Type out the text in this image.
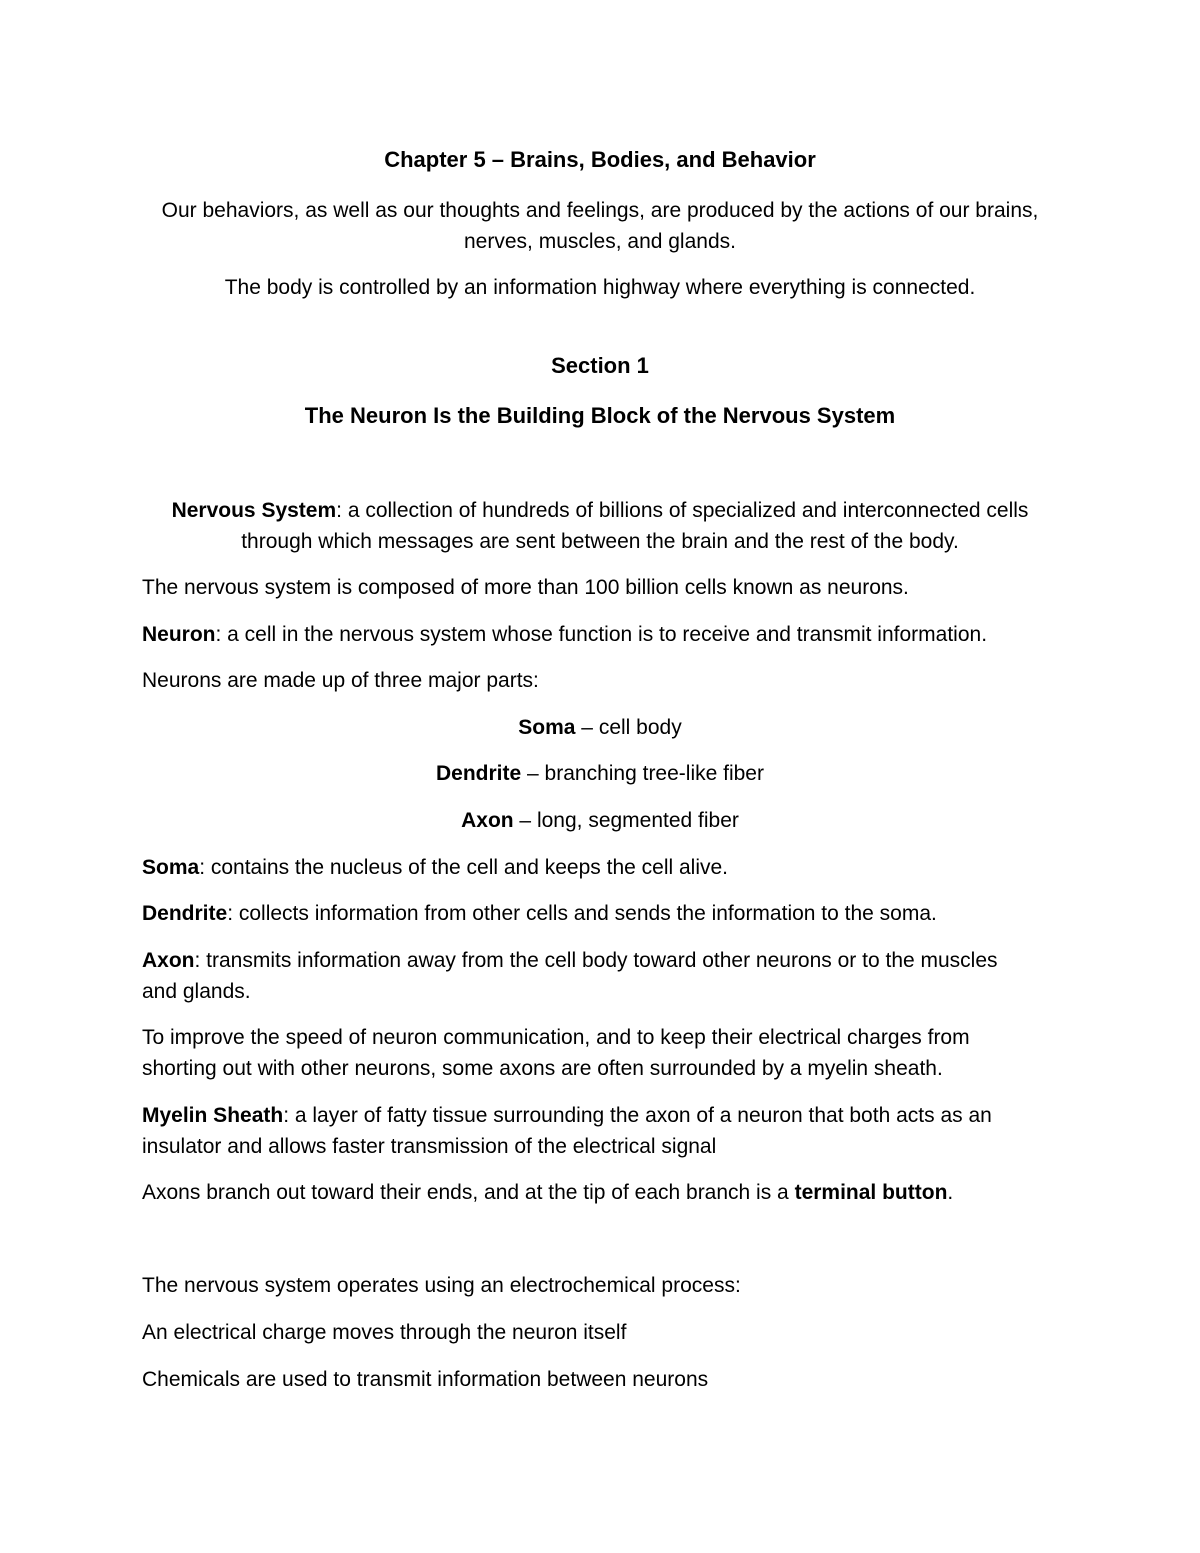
Chapter 5 – Brains, Bodies, and Behavior

Our behaviors, as well as our thoughts and feelings, are produced by the actions of our brains,

nerves, muscles, and glands.

The body is controlled by an information highway where everything is connected.

Section 1

The Neuron Is the Building Block of the Nervous System

Nervous System: a collection of hundreds of billions of specialized and interconnected cells

through which messages are sent between the brain and the rest of the body.

The nervous system is composed of more than 100 billion cells known as neurons.

Neuron: a cell in the nervous system whose function is to receive and transmit information.

Neurons are made up of three major parts:

Soma – cell body

Dendrite – branching tree-like fiber

Axon – long, segmented fiber

Soma: contains the nucleus of the cell and keeps the cell alive.

Dendrite: collects information from other cells and sends the information to the soma.

Axon: transmits information away from the cell body toward other neurons or to the muscles

and glands.

To improve the speed of neuron communication, and to keep their electrical charges from

shorting out with other neurons, some axons are often surrounded by a myelin sheath.

Myelin Sheath: a layer of fatty tissue surrounding the axon of a neuron that both acts as an

insulator and allows faster transmission of the electrical signal

Axons branch out toward their ends, and at the tip of each branch is a terminal button.

The nervous system operates using an electrochemical process:

An electrical charge moves through the neuron itself

Chemicals are used to transmit information between neurons
